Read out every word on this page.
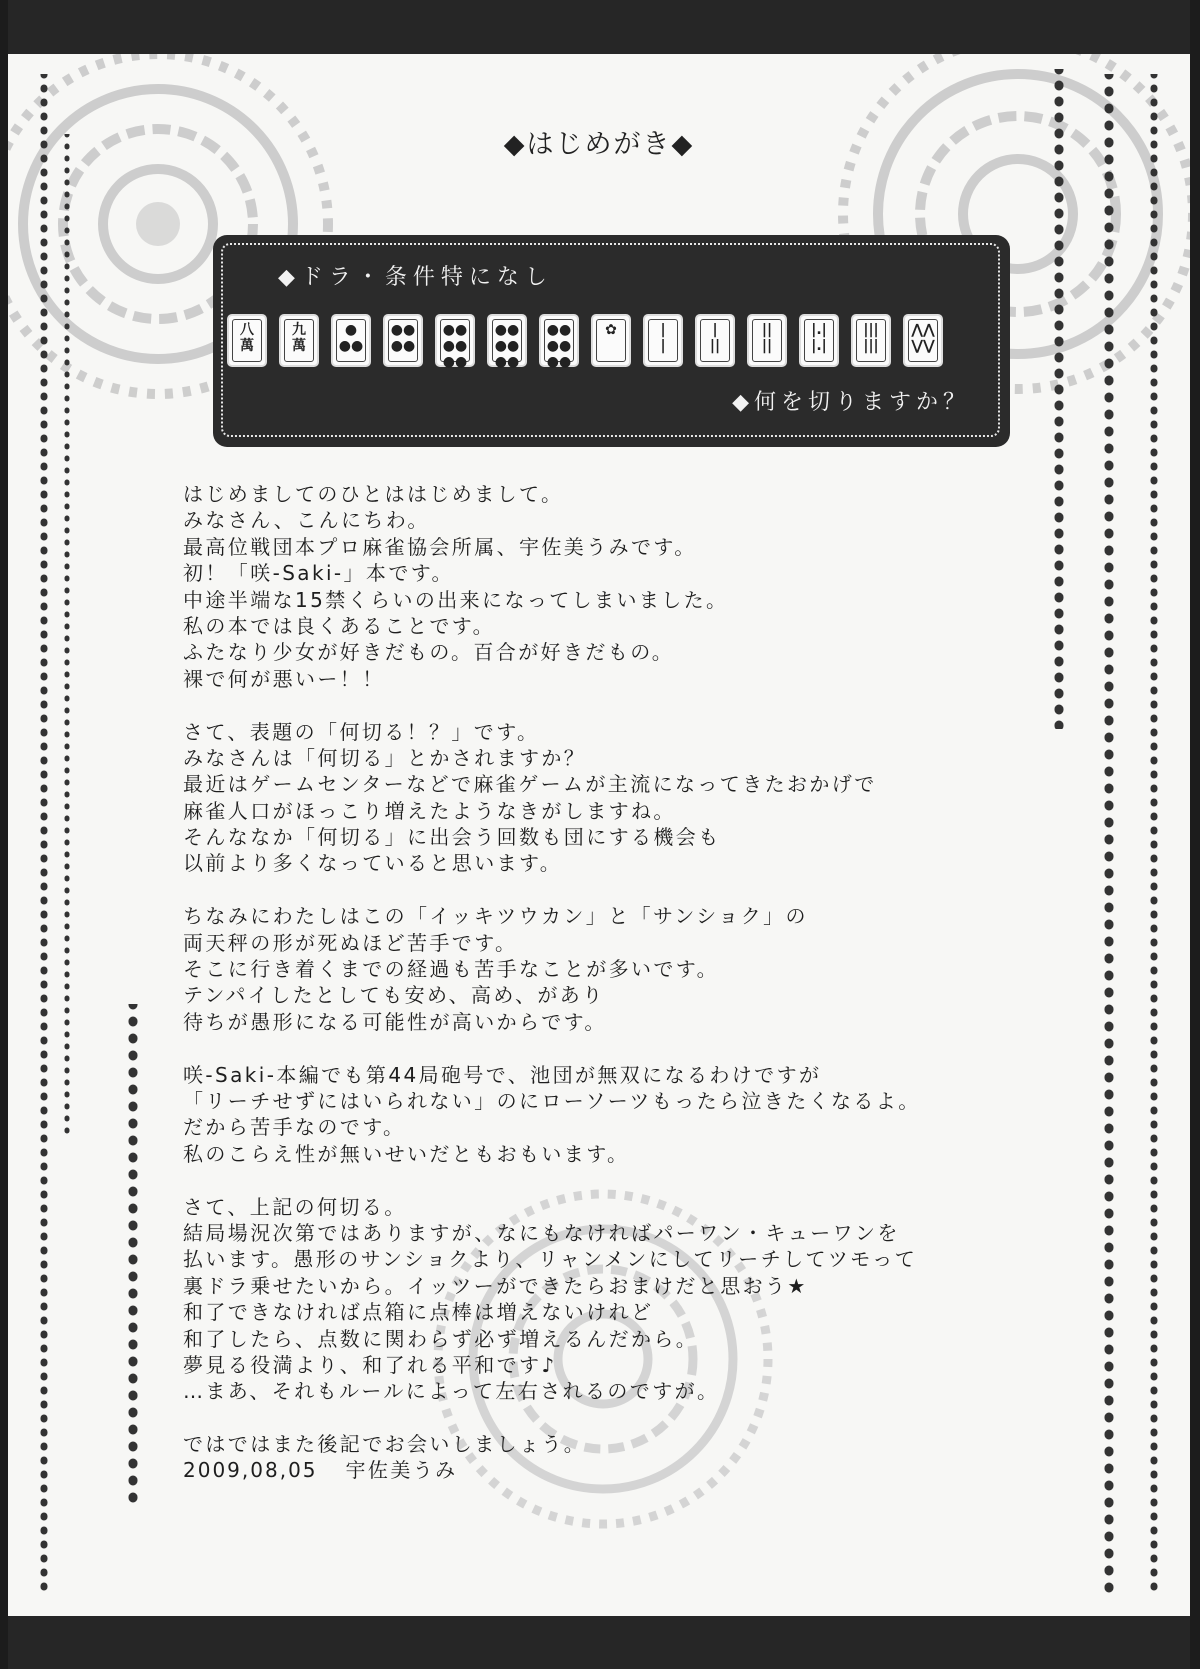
◆はじめがき◆
◆ドラ・条件特になし
八
萬
九
萬
●
●●
●●
●●
●●
●●
●●
●●
●●
●●
●●
●●
●●
✿	|
|
|
||
||
||
|.|
|.|
|||
|||
⋀⋀
⋁⋁
◆何を切りますか？
はじめましてのひとははじめまして。
みなさん、こんにちわ。
最高位戦団本プロ麻雀協会所属、宇佐美うみです。
初！「咲-Saki-」本です。
中途半端な15禁くらいの出来になってしまいました。
私の本では良くあることです。
ふたなり少女が好きだもの。百合が好きだもの。
裸で何が悪いー！！
さて、表題の「何切る！？」です。
みなさんは「何切る」とかされますか？
最近はゲームセンターなどで麻雀ゲームが主流になってきたおかげで
麻雀人口がほっこり増えたようなきがしますね。
そんななか「何切る」に出会う回数も団にする機会も
以前より多くなっていると思います。
ちなみにわたしはこの「イッキツウカン」と「サンショク」の
両天秤の形が死ぬほど苦手です。
そこに行き着くまでの経過も苦手なことが多いです。
テンパイしたとしても安め、高め、があり
待ちが愚形になる可能性が高いからです。
咲-Saki-本編でも第44局砲号で、池団が無双になるわけですが
「リーチせずにはいられない」のにローソーツもったら泣きたくなるよ。
だから苦手なのです。
私のこらえ性が無いせいだともおもいます。
さて、上記の何切る。
結局場況次第ではありますが、なにもなければパーワン・キューワンを
払います。愚形のサンショクより、リャンメンにしてリーチしてツモって
裏ドラ乗せたいから。イッツーができたらおまけだと思おう★
和了できなければ点箱に点棒は増えないけれど
和了したら、点数に関わらず必ず増えるんだから。
夢見る役満より、和了れる平和です♪
…まあ、それもルールによって左右されるのですが。
ではではまた後記でお会いしましょう。
2009,08,05 宇佐美うみ
